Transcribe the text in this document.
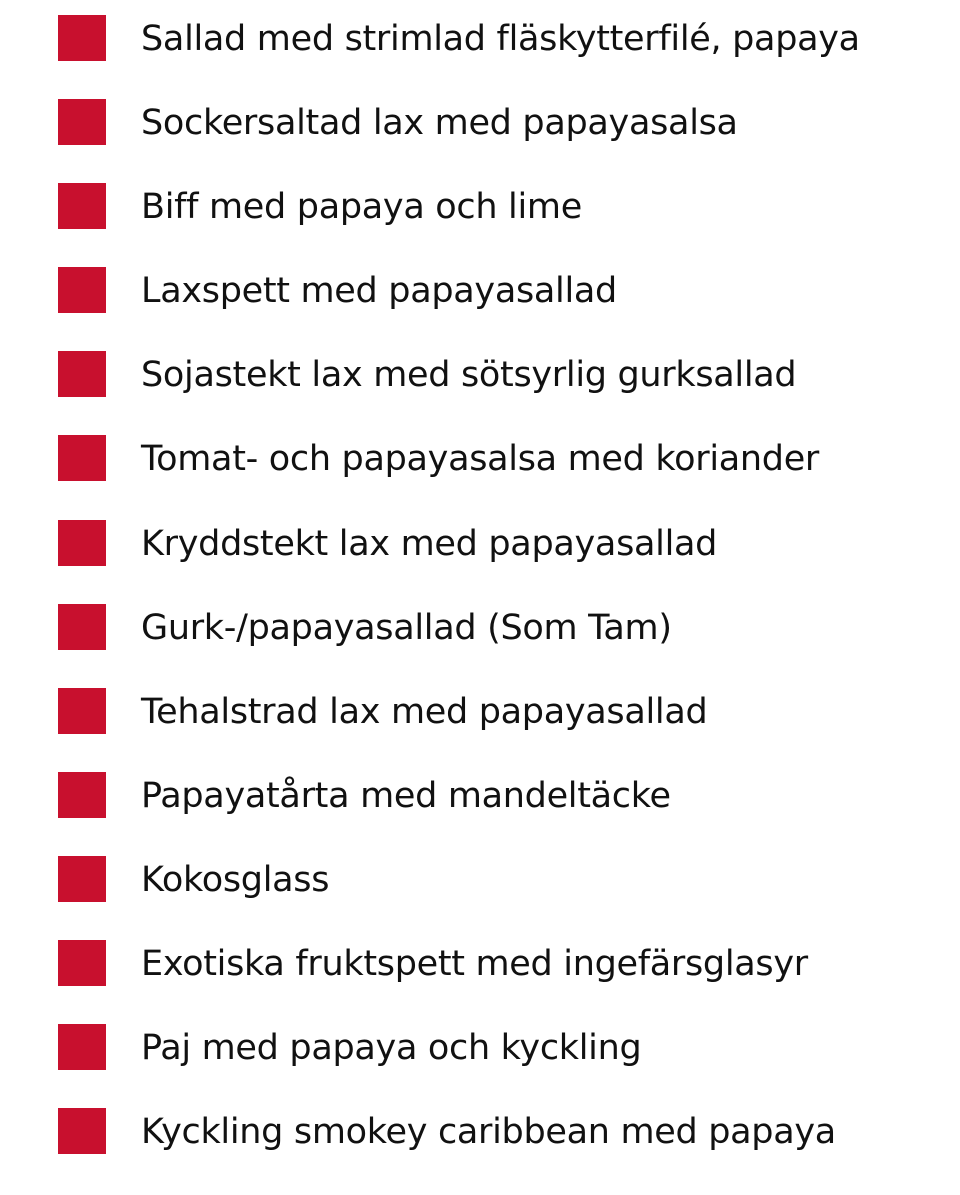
Sallad med strimlad fläskytterfilé, papaya
Sockersaltad lax med papayasalsa
Biff med papaya och lime
Laxspett med papayasallad
Sojastekt lax med sötsyrlig gurksallad
Tomat- och papayasalsa med koriander
Kryddstekt lax med papayasallad
Gurk-/papayasallad (Som Tam)
Tehalstrad lax med papayasallad
Papayatårta med mandeltäcke
Kokosglass
Exotiska fruktspett med ingefärsglasyr
Paj med papaya och kyckling
Kyckling smokey caribbean med papaya
